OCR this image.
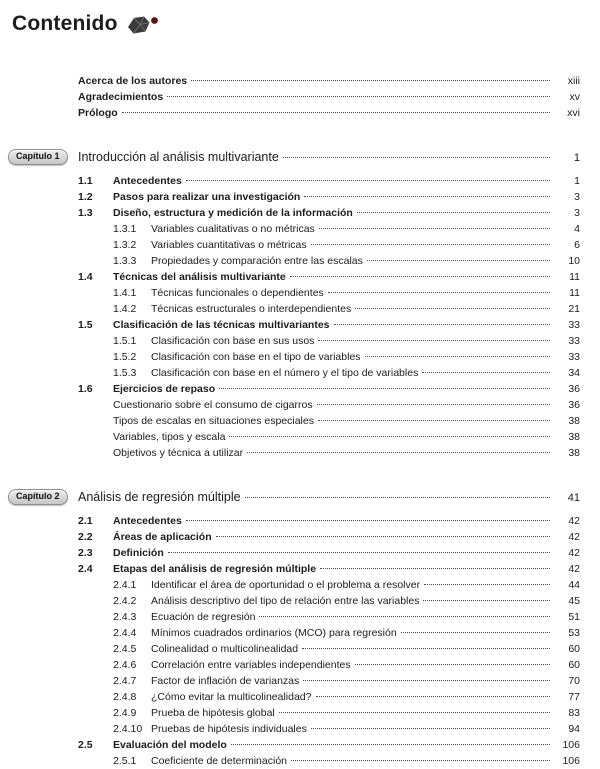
Contenido
Acerca de los autores	xiii
Agradecimientos	xv
Prólogo	xvi
Capítulo 1	Introducción al análisis multivariante	1
1.1	Antecedentes	1
1.2	Pasos para realizar una investigación	3
1.3	Diseño, estructura y medición de la información	3
1.3.1	Variables cualitativas o no métricas	4
1.3.2	Variables cuantitativas o métricas	6
1.3.3	Propiedades y comparación entre las escalas	10
1.4	Técnicas del análisis multivariante	11
1.4.1	Técnicas funcionales o dependientes	11
1.4.2	Técnicas estructurales o interdependientes	21
1.5	Clasificación de las técnicas multivariantes	33
1.5.1	Clasificación con base en sus usos	33
1.5.2	Clasificación con base en el tipo de variables	33
1.5.3	Clasificación con base en el número y el tipo de variables	34
1.6	Ejercicios de repaso	36
Cuestionario sobre el consumo de cigarros	36
Tipos de escalas en situaciones especiales	38
Variables, tipos y escala	38
Objetivos y técnica a utilizar	38
Capítulo 2	Análisis de regresión múltiple	41
2.1	Antecedentes	42
2.2	Áreas de aplicación	42
2.3	Definición	42
2.4	Etapas del análisis de regresión múltiple	42
2.4.1	Identificar el área de oportunidad o el problema a resolver	44
2.4.2	Análisis descriptivo del tipo de relación entre las variables	45
2.4.3	Ecuación de regresión	51
2.4.4	Mínimos cuadrados ordinarios (MCO) para regresión	53
2.4.5	Colinealidad o multicolinealidad	60
2.4.6	Correlación entre variables independientes	60
2.4.7	Factor de inflación de varianzas	70
2.4.8	¿Cómo evitar la multicolinealidad?	77
2.4.9	Prueba de hipótesis global	83
2.4.10 Pruebas de hipótesis individuales	94
2.5	Evaluación del modelo	106
2.5.1	Coeficiente de determinación	106
